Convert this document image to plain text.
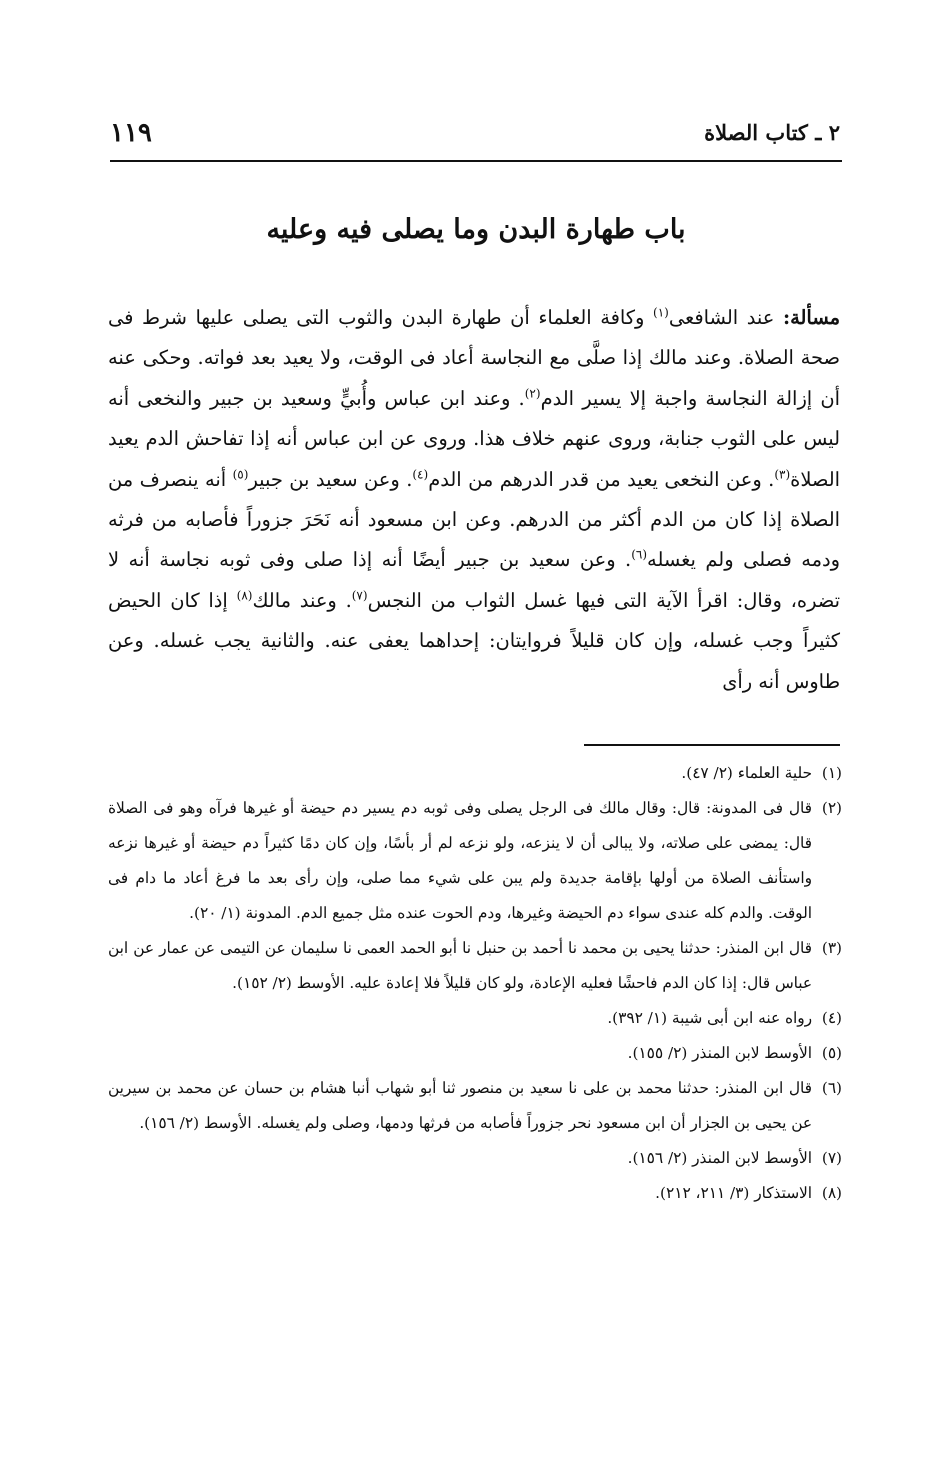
٢ ـ كتاب الصلاة
١١٩
باب طهارة البدن وما يصلى فيه وعليه
مسألة: عند الشافعى$^{(١)}$ وكافة العلماء أن طهارة البدن والثوب التى يصلى عليها شرط فى صحة الصلاة. وعند مالك إذا صلَّى مع النجاسة أعاد فى الوقت، ولا يعيد بعد فواته. وحكى عنه أن إزالة النجاسة واجبة إلا يسير الدم$^{(٢)}$. وعند ابن عباس وأُبيٍّ وسعيد بن جبير والنخعى أنه ليس على الثوب جنابة، وروى عنهم خلاف هذا. وروى عن ابن عباس أنه إذا تفاحش الدم يعيد الصلاة$^{(٣)}$. وعن النخعى يعيد من قدر الدرهم من الدم$^{(٤)}$. وعن سعيد بن جبير$^{(٥)}$ أنه ينصرف من الصلاة إذا كان من الدم أكثر من الدرهم. وعن ابن مسعود أنه نَحَرَ جزوراً فأصابه من فرثه ودمه فصلى ولم يغسله$^{(٦)}$. وعن سعيد بن جبير أيضًا أنه إذا صلى وفى ثوبه نجاسة أنه لا تضره، وقال: اقرأ الآية التى فيها غسل الثواب من النجس$^{(٧)}$. وعند مالك$^{(٨)}$ إذا كان الحيض كثيراً وجب غسله، وإن كان قليلاً فروايتان: إحداهما يعفى عنه. والثانية يجب غسله. وعن طاوس أنه رأى
(١)
حلية العلماء (٢/ ٤٧).
(٢)
قال فى المدونة: قال: وقال مالك فى الرجل يصلى وفى ثوبه دم يسير دم حيضة أو غيرها فرآه وهو فى الصلاة قال: يمضى على صلاته، ولا يبالى أن لا ينزعه، ولو نزعه لم أر بأسًا، وإن كان دمًا كثيراً دم حيضة أو غيرها نزعه واستأنف الصلاة من أولها بإقامة جديدة ولم يبن على شيء مما صلى، وإن رأى بعد ما فرغ أعاد ما دام فى الوقت. والدم كله عندى سواء دم الحيضة وغيرها، ودم الحوت عنده مثل جميع الدم. المدونة (١/ ٢٠).
(٣)
قال ابن المنذر: حدثنا يحيى بن محمد نا أحمد بن حنبل نا أبو الحمد العمى نا سليمان عن التيمى عن عمار عن ابن عباس قال: إذا كان الدم فاحشًا فعليه الإعادة، ولو كان قليلاً فلا إعادة عليه. الأوسط (٢/ ١٥٢).
(٤)
رواه عنه ابن أبى شيبة (١/ ٣٩٢).
(٥)
الأوسط لابن المنذر (٢/ ١٥٥).
(٦)
قال ابن المنذر: حدثنا محمد بن على نا سعيد بن منصور ثنا أبو شهاب أنبا هشام بن حسان عن محمد بن سيرين عن يحيى بن الجزار أن ابن مسعود نحر جزوراً فأصابه من فرثها ودمها، وصلى ولم يغسله. الأوسط (٢/ ١٥٦).
(٧)
الأوسط لابن المنذر (٢/ ١٥٦).
(٨)
الاستذكار (٣/ ٢١١، ٢١٢).
